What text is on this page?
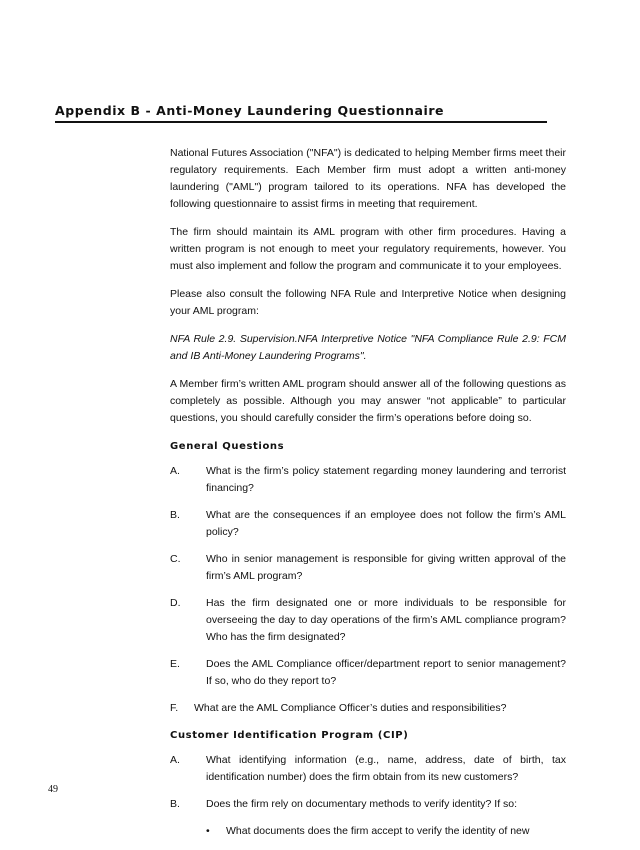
Appendix B - Anti-Money Laundering Questionnaire

National Futures Association ("NFA") is dedicated to helping Member firms meet their regulatory requirements. Each Member firm must adopt a written anti-money laundering ("AML") program tailored to its operations. NFA has developed the following questionnaire to assist firms in meeting that requirement.

The firm should maintain its AML program with other firm procedures. Having a written program is not enough to meet your regulatory requirements, however. You must also implement and follow the program and communicate it to your employees.

Please also consult the following NFA Rule and Interpretive Notice when designing your AML program:

NFA Rule 2.9. Supervision.NFA Interpretive Notice "NFA Compliance Rule 2.9: FCM and IB Anti-Money Laundering Programs".

A Member firm’s written AML program should answer all of the following questions as completely as possible. Although you may answer “not applicable” to particular questions, you should carefully consider the firm’s operations before doing so.

General Questions
A.	What is the firm’s policy statement regarding money laundering and terrorist financing?
B.	What are the consequences if an employee does not follow the firm’s AML policy?
C.	Who in senior management is responsible for giving written approval of the firm’s AML program?
D.	Has the firm designated one or more individuals to be responsible for overseeing the day to day operations of the firm’s AML compliance program? Who has the firm designated?
E.	Does the AML Compliance officer/department report to senior management? If so, who do they report to?
F.	What are the AML Compliance Officer’s duties and responsibilities?
Customer Identification Program (CIP)
A.	What identifying information (e.g., name, address, date of birth, tax identification number) does the firm obtain from its new customers?
B.	Does the firm rely on documentary methods to verify identity? If so:
•	What documents does the firm accept to verify the identity of new
49
